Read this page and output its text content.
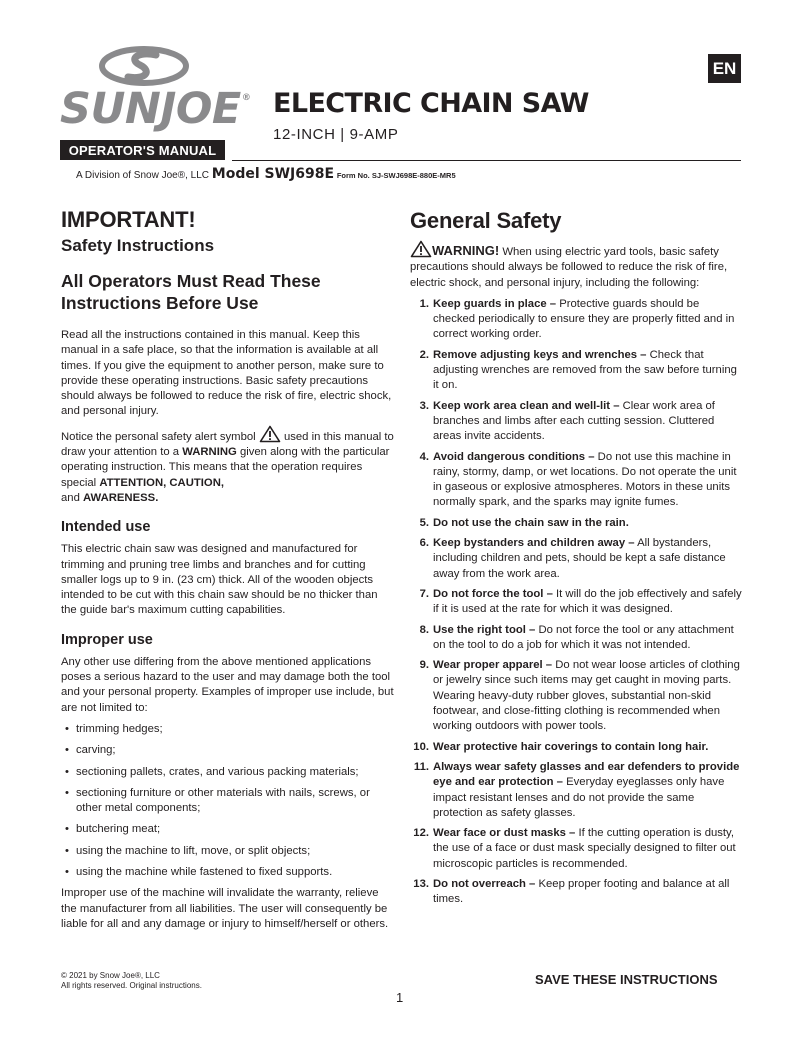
SUNJOE®
OPERATOR'S MANUAL
EN
ELECTRIC CHAIN SAW
12-INCH | 9-AMP
A Division of Snow Joe®, LLC Model SWJ698E Form No. SJ-SWJ698E-880E-MR5
IMPORTANT!
Safety Instructions
All Operators Must Read These Instructions Before Use

Read all the instructions contained in this manual. Keep this manual in a safe place, so that the information is available at all times. If you give the equipment to another person, make sure to provide these operating instructions. Basic safety precautions should always be followed to reduce the risk of fire, electric shock, and personal injury.

Notice the personal safety alert symbol	used in this manual to draw your attention to a WARNING given along with the particular operating instruction. This means that the operation requires special ATTENTION, CAUTION,
and AWARENESS.

Intended use

This electric chain saw was designed and manufactured for trimming and pruning tree limbs and branches and for cutting smaller logs up to 9 in. (23 cm) thick. All of the wooden objects intended to be cut with this chain saw should be no thicker than the guide bar's maximum cutting capabilities.

Improper use

Any other use differing from the above mentioned applications poses a serious hazard to the user and may damage both the tool and your personal property. Examples of improper use include, but are not limited to:

• trimming hedges;
• carving;
• sectioning pallets, crates, and various packing materials;
• sectioning furniture or other materials with nails, screws, or other metal components;
• butchering meat;
• using the machine to lift, move, or split objects;
• using the machine while fastened to fixed supports.

Improper use of the machine will invalidate the warranty, relieve the manufacturer from all liabilities. The user will consequently be liable for all and any damage or injury to himself/herself or others.

General Safety

WARNING! When using electric yard tools, basic safety precautions should always be followed to reduce the risk of fire, electric shock, and personal injury, including the following:

1. Keep guards in place – Protective guards should be checked periodically to ensure they are properly fitted and in correct working order.
2. Remove adjusting keys and wrenches – Check that adjusting wrenches are removed from the saw before turning it on.
3. Keep work area clean and well-lit – Clear work area of branches and limbs after each cutting session. Cluttered areas invite accidents.
4. Avoid dangerous conditions – Do not use this machine in rainy, stormy, damp, or wet locations. Do not operate the unit in gaseous or explosive atmospheres. Motors in these units normally spark, and the sparks may ignite fumes.
5. Do not use the chain saw in the rain.
6. Keep bystanders and children away – All bystanders, including children and pets, should be kept a safe distance away from the work area.
7. Do not force the tool – It will do the job effectively and safely if it is used at the rate for which it was designed.
8. Use the right tool – Do not force the tool or any attachment on the tool to do a job for which it was not intended.
9. Wear proper apparel – Do not wear loose articles of clothing or jewelry since such items may get caught in moving parts. Wearing heavy-duty rubber gloves, substantial non-skid footwear, and close-fitting clothing is recommended when working outdoors with power tools.
10. Wear protective hair coverings to contain long hair.
11. Always wear safety glasses and ear defenders to provide eye and ear protection – Everyday eyeglasses only have impact resistant lenses and do not provide the same protection as safety glasses.
12. Wear face or dust masks – If the cutting operation is dusty, the use of a face or dust mask specially designed to filter out microscopic particles is recommended.
13. Do not overreach – Keep proper footing and balance at all times.
© 2021 by Snow Joe®, LLC
All rights reserved. Original instructions.	SAVE THESE INSTRUCTIONS
1
